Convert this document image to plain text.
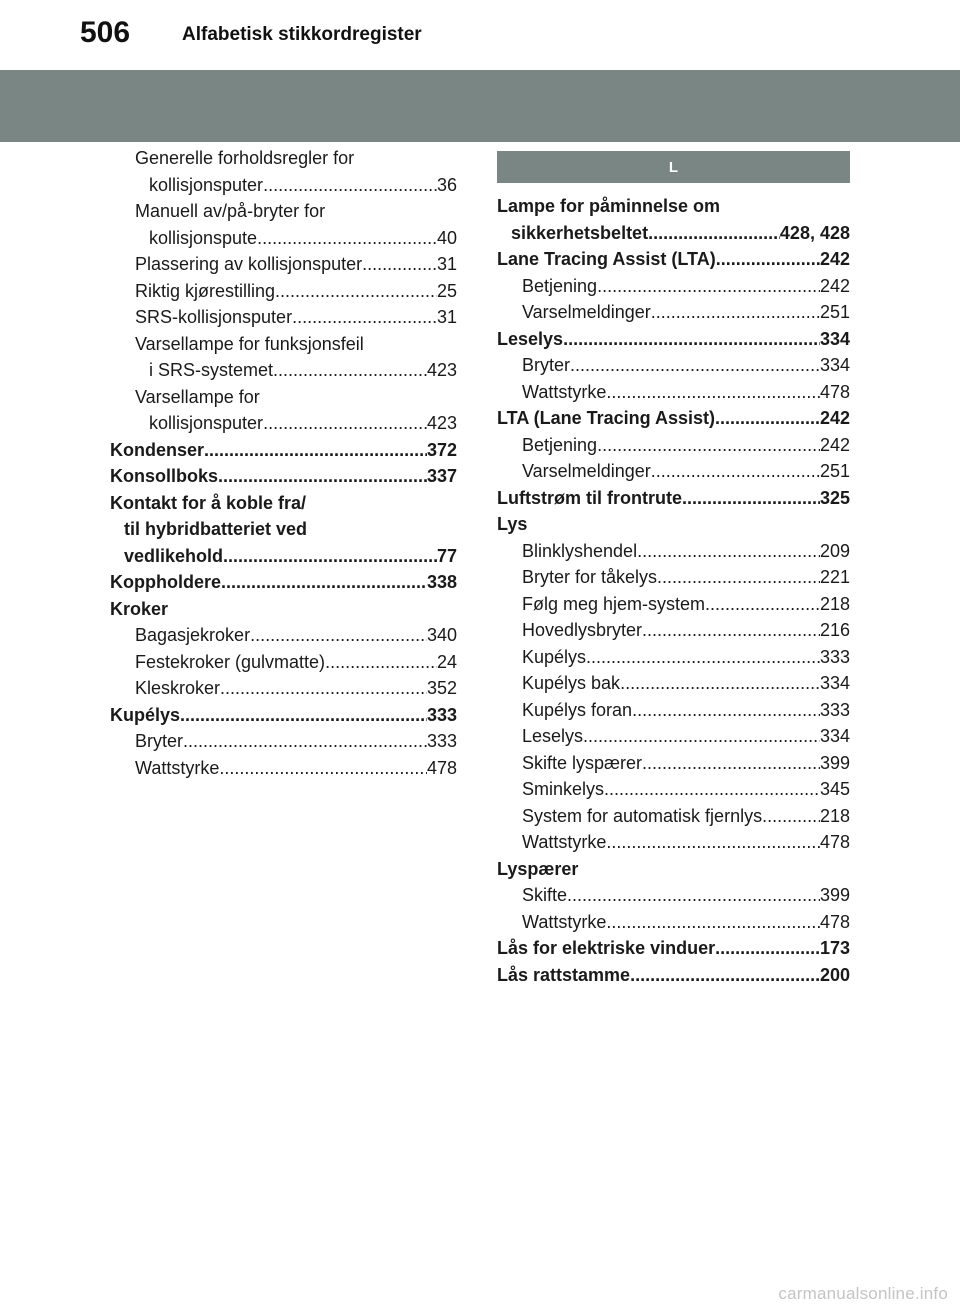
506	Alfabetisk stikkordregister
Generelle forholdsregler for
kollisjonsputer .....	36
Manuell av/på-bryter for
kollisjonspute .....	40
Plassering av kollisjonsputer .....	31
Riktig kjørestilling .....	25
SRS-kollisjonsputer .....	31
Varsellampe for funksjonsfeil
i SRS-systemet .....	423
Varsellampe for
kollisjonsputer .....	423
Kondenser .....	372
Konsollboks .....	337
Kontakt for å koble fra/
til hybridbatteriet ved
vedlikehold .....	77
Koppholdere .....	338
Kroker
Bagasjekroker .....	340
Festekroker (gulvmatte) .....	24
Kleskroker .....	352
Kupélys .....	333
Bryter .....	333
Wattstyrke .....	478
L
Lampe for påminnelse om
sikkerhetsbeltet .....	428, 428
Lane Tracing Assist (LTA) .....	242
Betjening .....	242
Varselmeldinger .....	251
Leselys .....	334
Bryter .....	334
Wattstyrke .....	478
LTA (Lane Tracing Assist) .....	242
Betjening .....	242
Varselmeldinger .....	251
Luftstrøm til frontrute .....	325
Lys
Blinklyshendel .....	209
Bryter for tåkelys .....	221
Følg meg hjem-system .....	218
Hovedlysbryter .....	216
Kupélys .....	333
Kupélys bak .....	334
Kupélys foran .....	333
Leselys .....	334
Skifte lyspærer .....	399
Sminkelys .....	345
System for automatisk fjernlys .....	218
Wattstyrke .....	478
Lyspærer
Skifte .....	399
Wattstyrke .....	478
Lås for elektriske vinduer .....	173
Lås rattstamme .....	200
carmanualsonline.info
